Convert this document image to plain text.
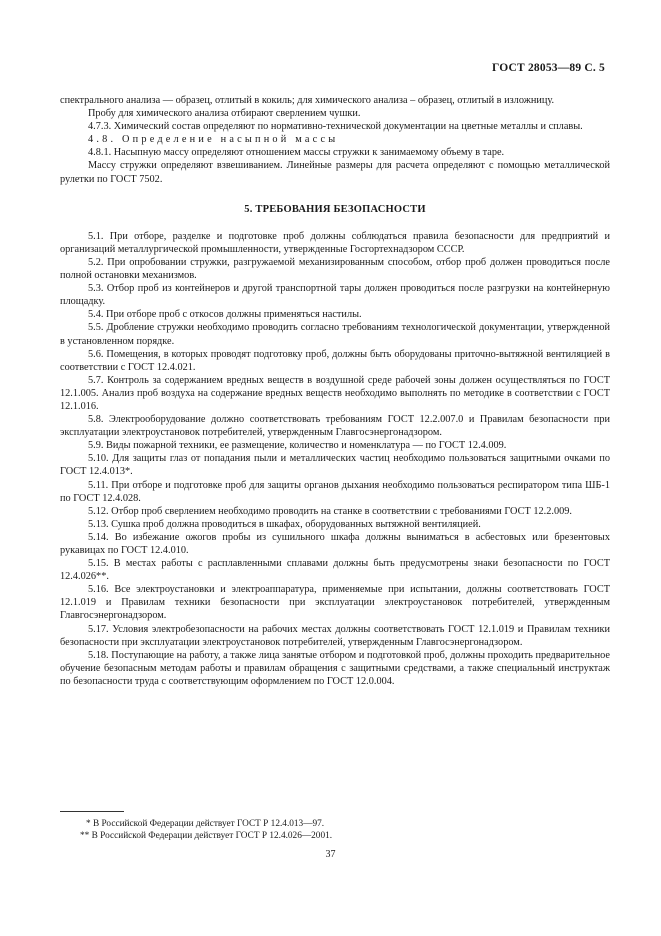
ГОСТ 28053—89 С. 5

спектрального анализа — образец, отлитый в кокиль; для химического анализа – образец, отлитый в изложницу.

Пробу для химического анализа отбирают сверлением чушки.

4.7.3. Химический состав определяют по нормативно-технической документации на цветные металлы и сплавы.

4.8. Определение насыпной массы

4.8.1. Насыпную массу определяют отношением массы стружки к занимаемому объему в таре.

Массу стружки определяют взвешиванием. Линейные размеры для расчета определяют с помощью металлической рулетки по ГОСТ 7502.

5. ТРЕБОВАНИЯ БЕЗОПАСНОСТИ

5.1. При отборе, разделке и подготовке проб должны соблюдаться правила безопасности для предприятий и организаций металлургической промышленности, утвержденные Госгортехнадзором СССР.

5.2. При опробовании стружки, разгружаемой механизированным способом, отбор проб должен проводиться после полной остановки механизмов.

5.3. Отбор проб из контейнеров и другой транспортной тары должен проводиться после разгрузки на контейнерную площадку.

5.4. При отборе проб с откосов должны применяться настилы.

5.5. Дробление стружки необходимо проводить согласно требованиям технологической документации, утвержденной в установленном порядке.

5.6. Помещения, в которых проводят подготовку проб, должны быть оборудованы приточно-вытяжной вентиляцией в соответствии с ГОСТ 12.4.021.

5.7. Контроль за содержанием вредных веществ в воздушной среде рабочей зоны должен осуществляться по ГОСТ 12.1.005. Анализ проб воздуха на содержание вредных веществ необходимо выполнять по методике в соответствии с ГОСТ 12.1.016.

5.8. Электрооборудование должно соответствовать требованиям ГОСТ 12.2.007.0 и Правилам безопасности при эксплуатации электроустановок потребителей, утвержденным Главгосэнергонадзором.

5.9. Виды пожарной техники, ее размещение, количество и номенклатура — по ГОСТ 12.4.009.

5.10. Для защиты глаз от попадания пыли и металлических частиц необходимо пользоваться защитными очками по ГОСТ 12.4.013*.

5.11. При отборе и подготовке проб для защиты органов дыхания необходимо пользоваться респиратором типа ШБ-1 по ГОСТ 12.4.028.

5.12. Отбор проб сверлением необходимо проводить на станке в соответствии с требованиями ГОСТ 12.2.009.

5.13. Сушка проб должна проводиться в шкафах, оборудованных вытяжной вентиляцией.

5.14. Во избежание ожогов пробы из сушильного шкафа должны выниматься в асбестовых или брезентовых рукавицах по ГОСТ 12.4.010.

5.15. В местах работы с расплавленными сплавами должны быть предусмотрены знаки безопасности по ГОСТ 12.4.026**.

5.16. Все электроустановки и электроаппаратура, применяемые при испытании, должны соответствовать ГОСТ 12.1.019 и Правилам техники безопасности при эксплуатации электроустановок потребителей, утвержденным Главгосэнергонадзором.

5.17. Условия электробезопасности на рабочих местах должны соответствовать ГОСТ 12.1.019 и Правилам техники безопасности при эксплуатации электроустановок потребителей, утвержденным Главгосэнергонадзором.

5.18. Поступающие на работу, а также лица занятые отбором и подготовкой проб, должны проходить предварительное обучение безопасным методам работы и правилам обращения с защитными средствами, а также специальный инструктаж по безопасности труда с соответствующим оформлением по ГОСТ 12.0.004.

* В Российской Федерации действует ГОСТ Р 12.4.013—97.

** В Российской Федерации действует ГОСТ Р 12.4.026—2001.

37
